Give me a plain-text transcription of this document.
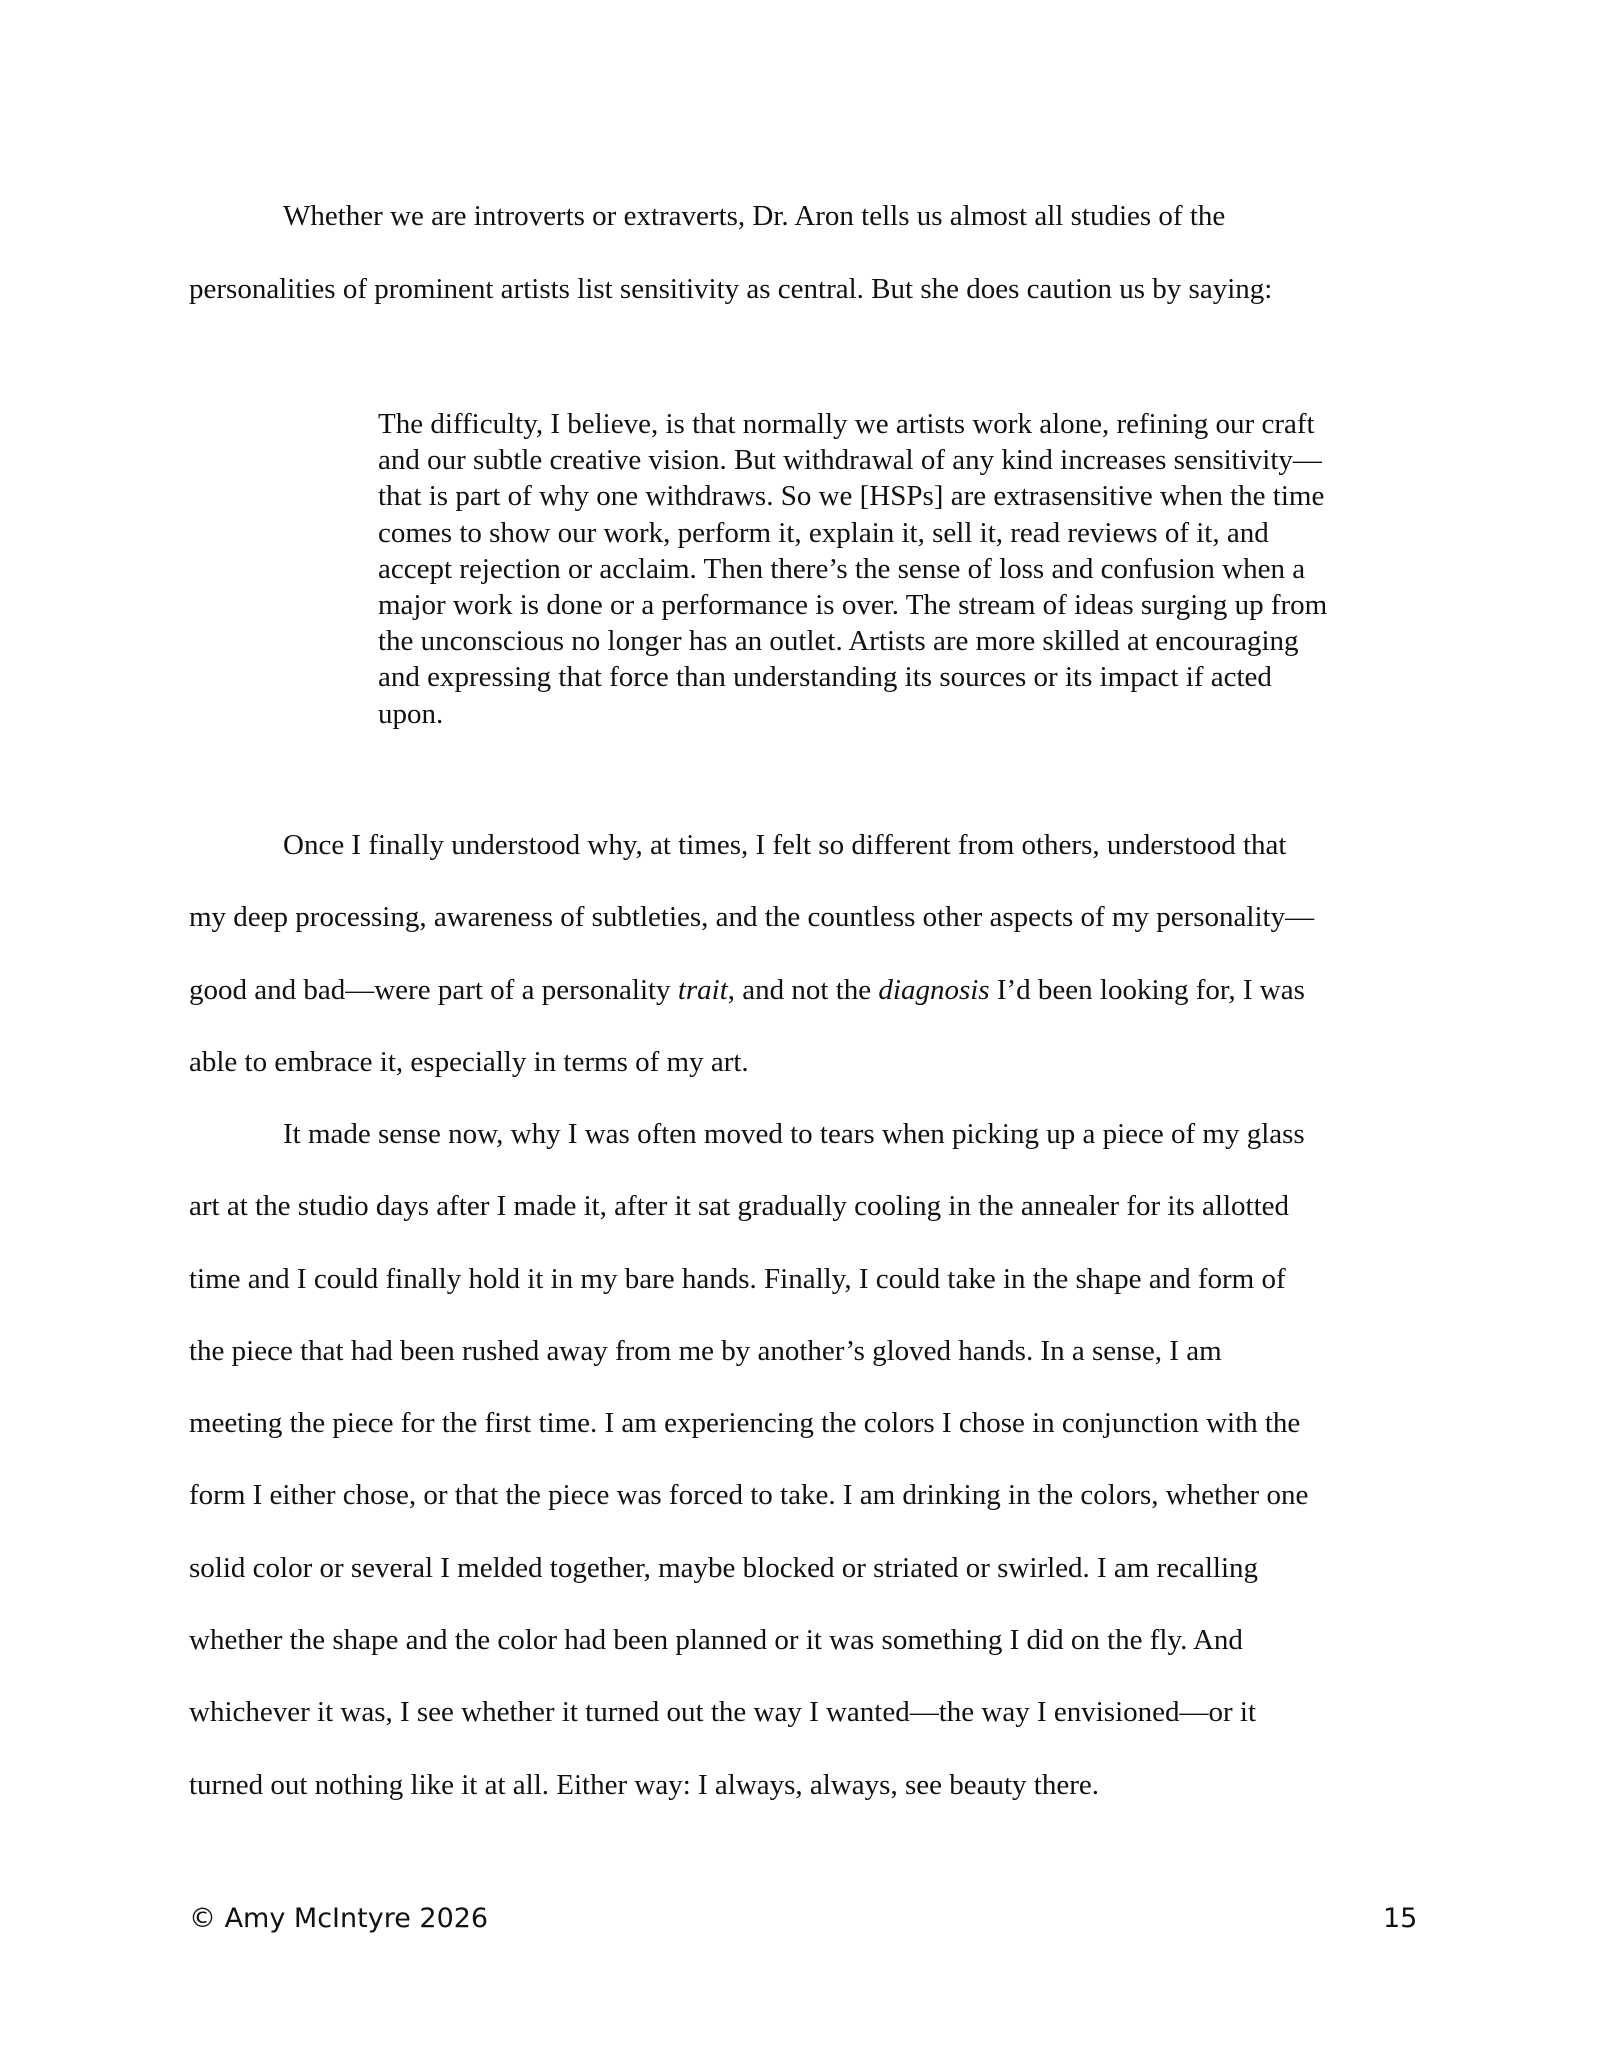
Whether we are introverts or extraverts, Dr. Aron tells us almost all studies of the
personalities of prominent artists list sensitivity as central. But she does caution us by saying:

The difficulty, I believe, is that normally we artists work alone, refining our craft
and our subtle creative vision. But withdrawal of any kind increases sensitivity—
that is part of why one withdraws. So we [HSPs] are extrasensitive when the time
comes to show our work, perform it, explain it, sell it, read reviews of it, and
accept rejection or acclaim. Then there’s the sense of loss and confusion when a
major work is done or a performance is over. The stream of ideas surging up from
the unconscious no longer has an outlet. Artists are more skilled at encouraging
and expressing that force than understanding its sources or its impact if acted
upon.

Once I finally understood why, at times, I felt so different from others, understood that
my deep processing, awareness of subtleties, and the countless other aspects of my personality—
good and bad—were part of a personality trait, and not the diagnosis I’d been looking for, I was
able to embrace it, especially in terms of my art.

It made sense now, why I was often moved to tears when picking up a piece of my glass
art at the studio days after I made it, after it sat gradually cooling in the annealer for its allotted
time and I could finally hold it in my bare hands. Finally, I could take in the shape and form of
the piece that had been rushed away from me by another’s gloved hands. In a sense, I am
meeting the piece for the first time. I am experiencing the colors I chose in conjunction with the
form I either chose, or that the piece was forced to take. I am drinking in the colors, whether one
solid color or several I melded together, maybe blocked or striated or swirled. I am recalling
whether the shape and the color had been planned or it was something I did on the fly. And
whichever it was, I see whether it turned out the way I wanted—the way I envisioned—or it
turned out nothing like it at all. Either way: I always, always, see beauty there.

© Amy McIntyre 2026	15
